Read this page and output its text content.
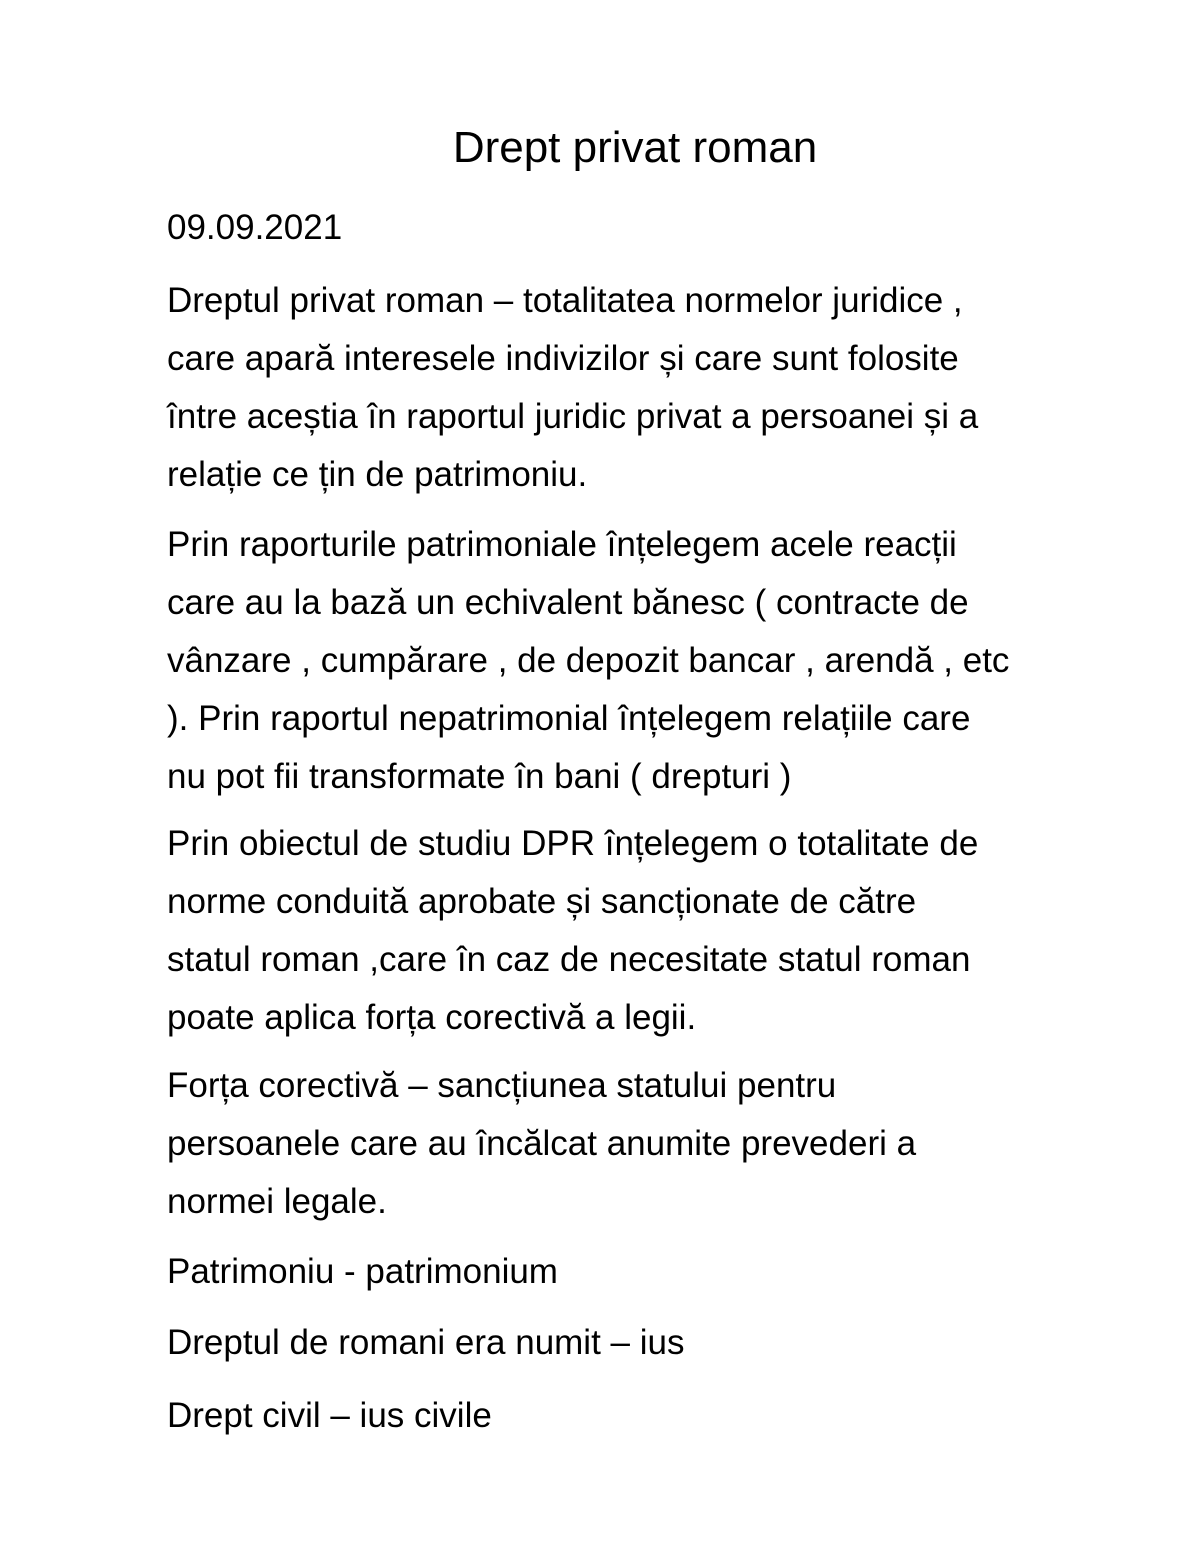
Drept privat roman

09.09.2021

Dreptul privat roman – totalitatea normelor juridice ,
care apară interesele indivizilor și care sunt folosite
între aceștia în raportul juridic privat a persoanei și a
relație ce țin de patrimoniu.

Prin raporturile patrimoniale înțelegem acele reacții
care au la bază un echivalent bănesc ( contracte de
vânzare , cumpărare , de depozit bancar , arendă , etc
). Prin raportul nepatrimonial înțelegem relațiile care
nu pot fii transformate în bani ( drepturi )

Prin obiectul de studiu DPR înțelegem o totalitate de
norme conduită aprobate și sancționate de către
statul roman ,care în caz de necesitate statul roman
poate aplica forța corectivă a legii.

Forța corectivă – sancțiunea statului pentru
persoanele care au încălcat anumite prevederi a
normei legale.

Patrimoniu - patrimonium

Dreptul de romani era numit – ius

Drept civil – ius civile
